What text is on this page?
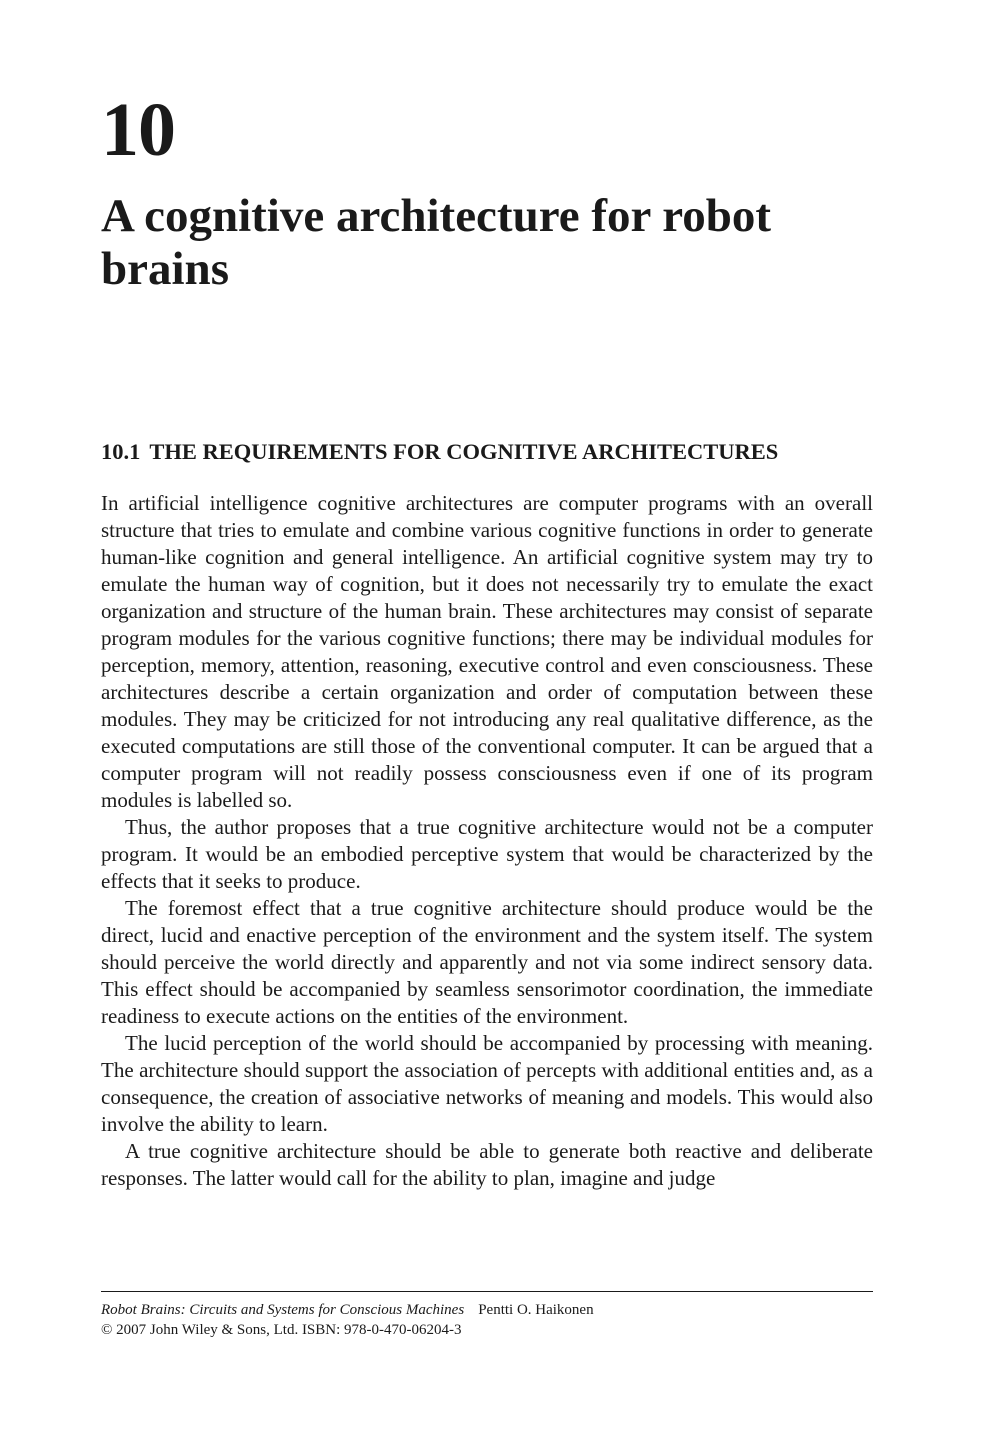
10
A cognitive architecture for robot brains
10.1 THE REQUIREMENTS FOR COGNITIVE ARCHITECTURES

In artificial intelligence cognitive architectures are computer programs with an overall structure that tries to emulate and combine various cognitive functions in order to generate human-like cognition and general intelligence. An artificial cognitive system may try to emulate the human way of cognition, but it does not necessarily try to emulate the exact organization and structure of the human brain. These architectures may consist of separate program modules for the various cognitive functions; there may be individual modules for perception, memory, attention, reasoning, executive control and even consciousness. These architectures describe a certain organization and order of computation between these modules. They may be criticized for not introducing any real qualitative difference, as the executed computations are still those of the conventional computer. It can be argued that a computer program will not readily possess consciousness even if one of its program modules is labelled so.

Thus, the author proposes that a true cognitive architecture would not be a computer program. It would be an embodied perceptive system that would be characterized by the effects that it seeks to produce.

The foremost effect that a true cognitive architecture should produce would be the direct, lucid and enactive perception of the environment and the system itself. The system should perceive the world directly and apparently and not via some indirect sensory data. This effect should be accompanied by seamless sensorimotor coordination, the immediate readiness to execute actions on the entities of the environment.

The lucid perception of the world should be accompanied by processing with meaning. The architecture should support the association of percepts with additional entities and, as a consequence, the creation of associative networks of meaning and models. This would also involve the ability to learn.

A true cognitive architecture should be able to generate both reactive and deliberate responses. The latter would call for the ability to plan, imagine and judge

Robot Brains: Circuits and Systems for Conscious Machines Pentti O. Haikonen
© 2007 John Wiley & Sons, Ltd. ISBN: 978-0-470-06204-3
